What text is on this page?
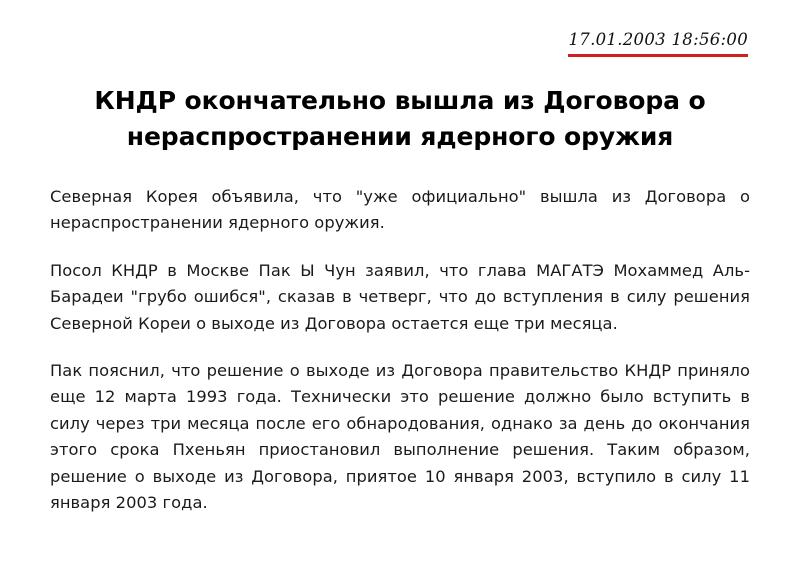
17.01.2003 18:56:00
КНДР окончательно вышла из Договора о нераспространении ядерного оружия

Северная Корея объявила, что "уже официально" вышла из Договора о нераспространении ядерного оружия.

Посол КНДР в Москве Пак Ы Чун заявил, что глава МАГАТЭ Мохаммед Аль-Барадеи "грубо ошибся", сказав в четверг, что до вступления в силу решения Северной Кореи о выходе из Договора остается еще три месяца.

Пак пояснил, что решение о выходе из Договора правительство КНДР приняло еще 12 марта 1993 года. Технически это решение должно было вступить в силу через три месяца после его обнародования, однако за день до окончания этого срока Пхеньян приостановил выполнение решения. Таким образом, решение о выходе из Договора, приятое 10 января 2003, вступило в силу 11 января 2003 года.
